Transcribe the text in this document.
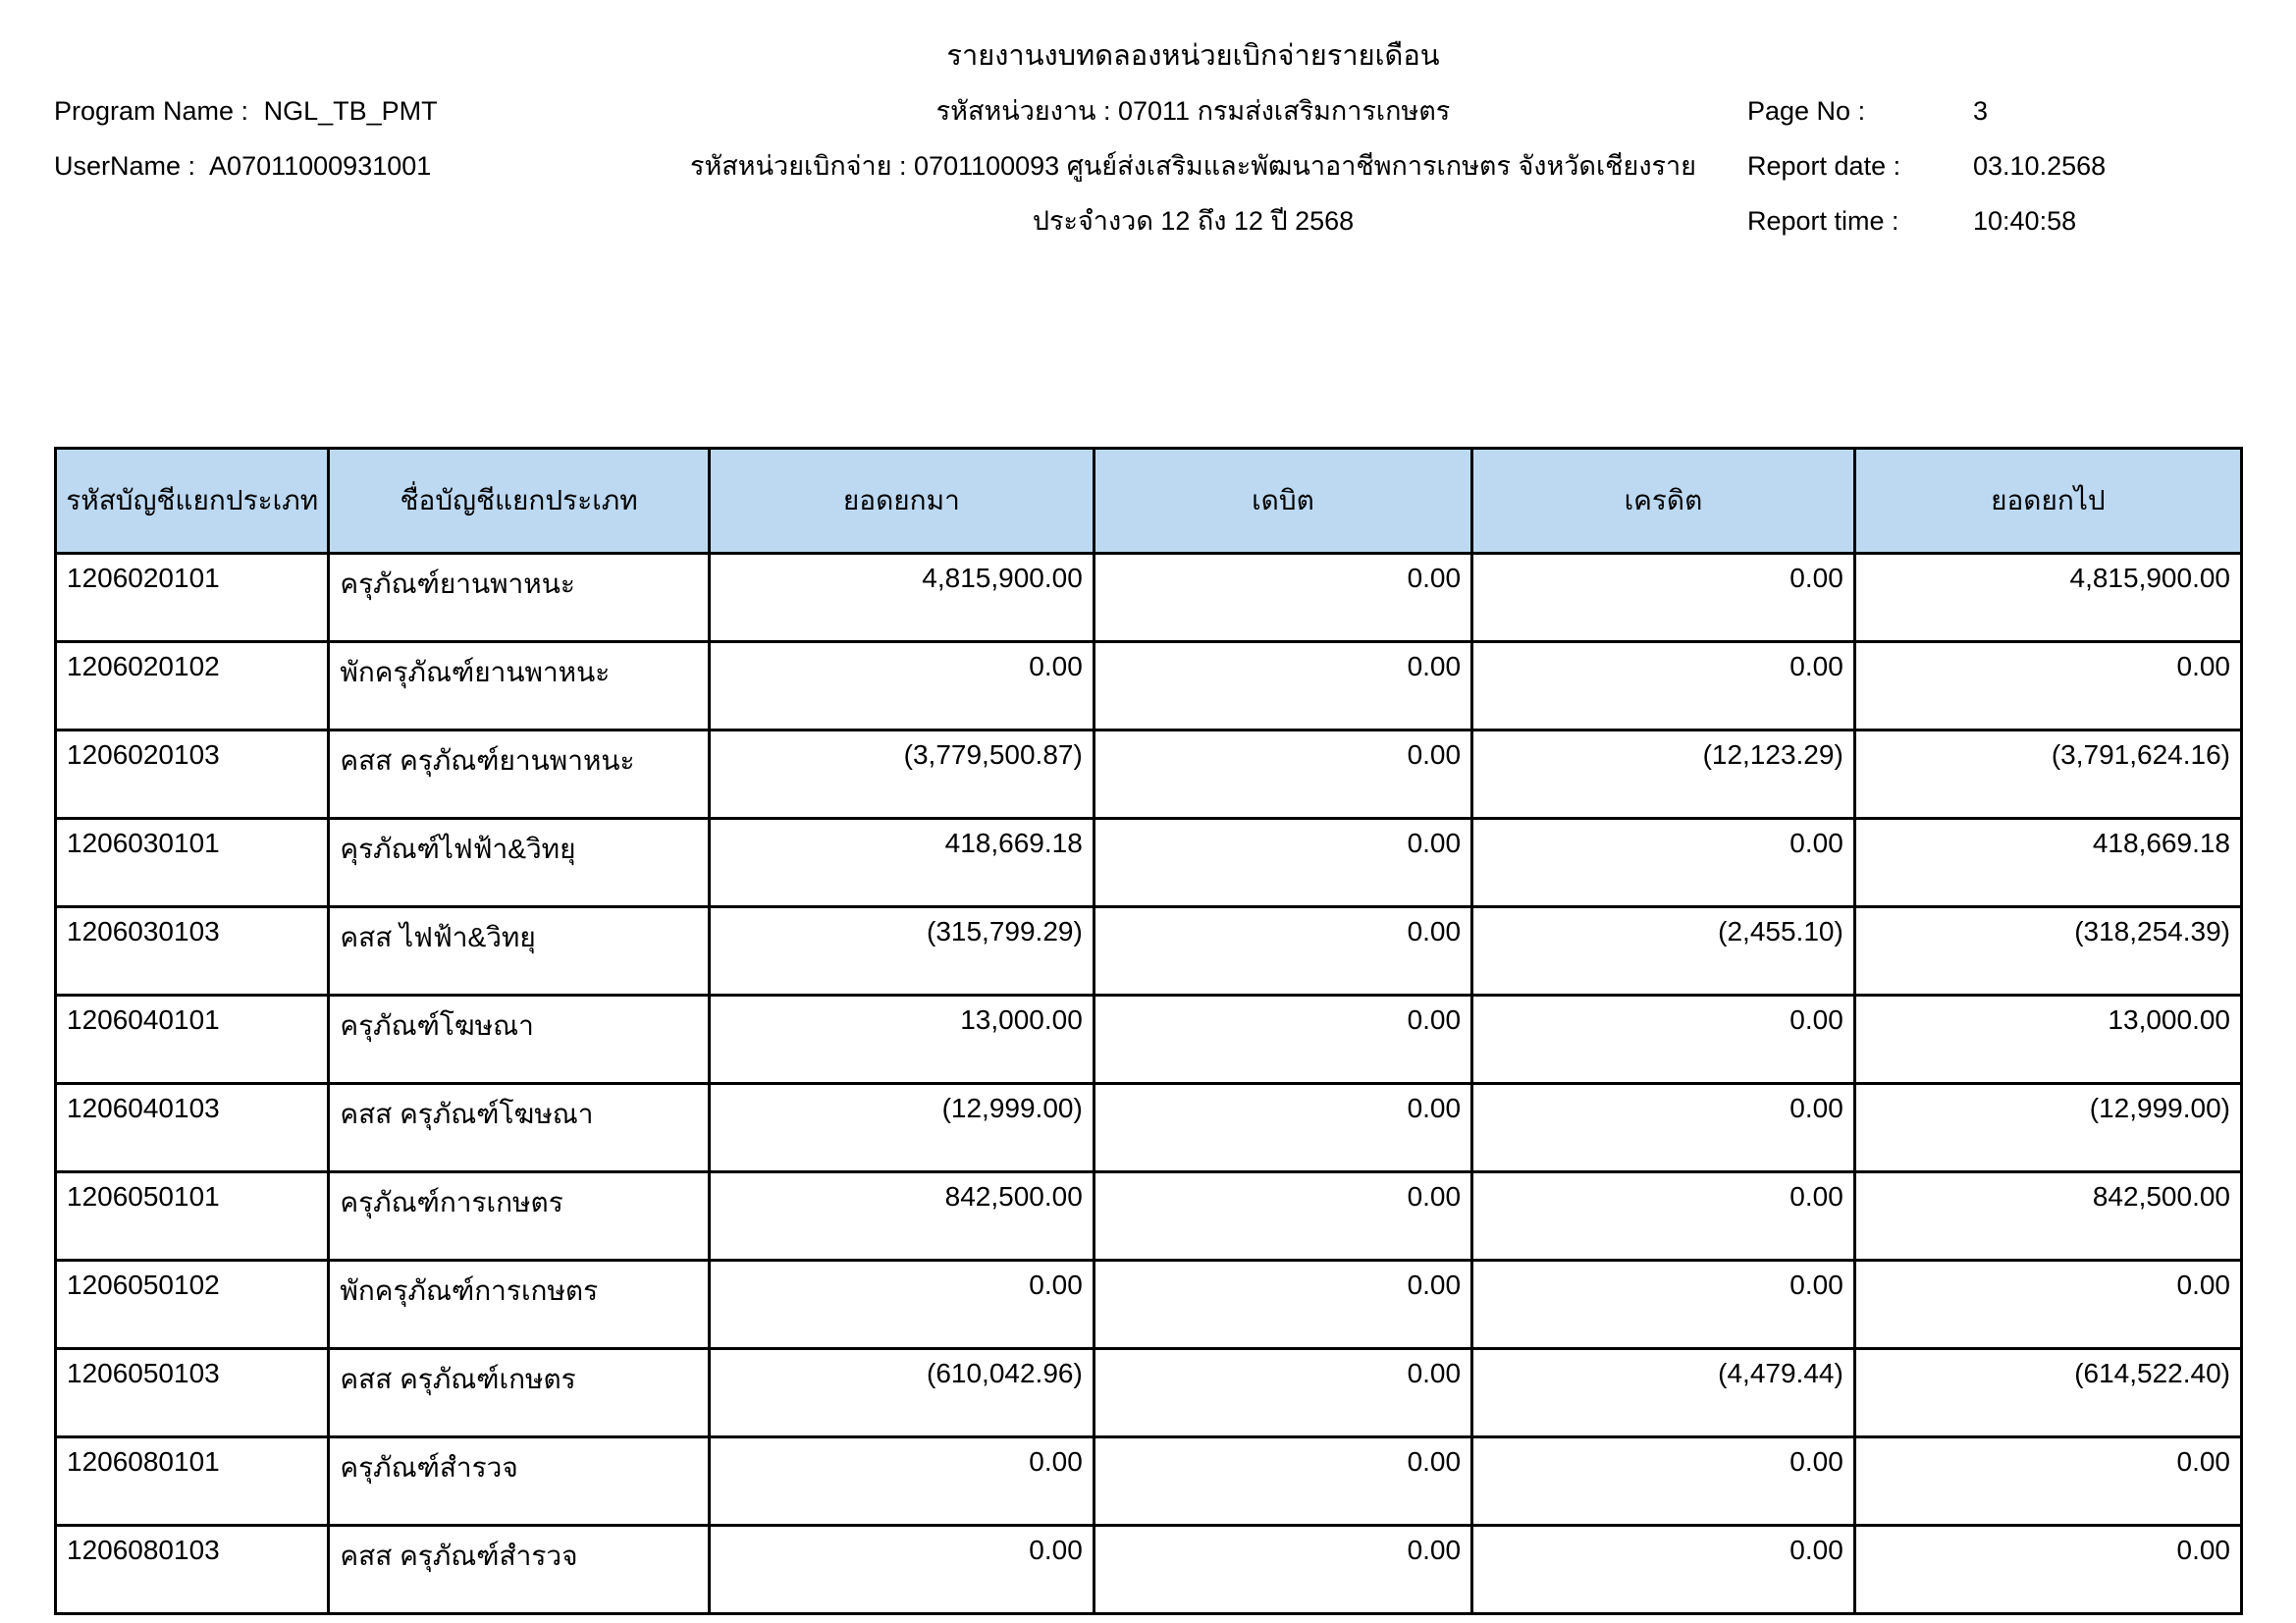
รายงานงบทดลองหน่วยเบิกจ่ายรายเดือน
Program Name : NGL_TB_PMT	รหัสหน่วยงาน : 07011 กรมส่งเสริมการเกษตร	Page No :	3
UserName : A07011000931001	รหัสหน่วยเบิกจ่าย : 0701100093 ศูนย์ส่งเสริมและพัฒนาอาชีพการเกษตร จังหวัดเชียงราย	Report date :	03.10.2568
ประจำงวด 12 ถึง 12 ปี 2568	Report time :	10:40:58
รหัสบัญชีแยกประเภท	ชื่อบัญชีแยกประเภท	ยอดยกมา	เดบิต	เครดิต	ยอดยกไป
1206020101	ครุภัณฑ์ยานพาหนะ	4,815,900.00	0.00	0.00	4,815,900.00
1206020102	พักครุภัณฑ์ยานพาหนะ	0.00	0.00	0.00	0.00
1206020103	คสส ครุภัณฑ์ยานพาหนะ	(3,779,500.87)	0.00	(12,123.29)	(3,791,624.16)
1206030101	คุรภัณฑ์ไฟฟ้า&วิทยุ	418,669.18	0.00	0.00	418,669.18
1206030103	คสส ไฟฟ้า&วิทยุ	(315,799.29)	0.00	(2,455.10)	(318,254.39)
1206040101	ครุภัณฑ์โฆษณา	13,000.00	0.00	0.00	13,000.00
1206040103	คสส ครุภัณฑ์โฆษณา	(12,999.00)	0.00	0.00	(12,999.00)
1206050101	ครุภัณฑ์การเกษตร	842,500.00	0.00	0.00	842,500.00
1206050102	พักครุภัณฑ์การเกษตร	0.00	0.00	0.00	0.00
1206050103	คสส ครุภัณฑ์เกษตร	(610,042.96)	0.00	(4,479.44)	(614,522.40)
1206080101	ครุภัณฑ์สำรวจ	0.00	0.00	0.00	0.00
1206080103	คสส ครุภัณฑ์สำรวจ	0.00	0.00	0.00	0.00
